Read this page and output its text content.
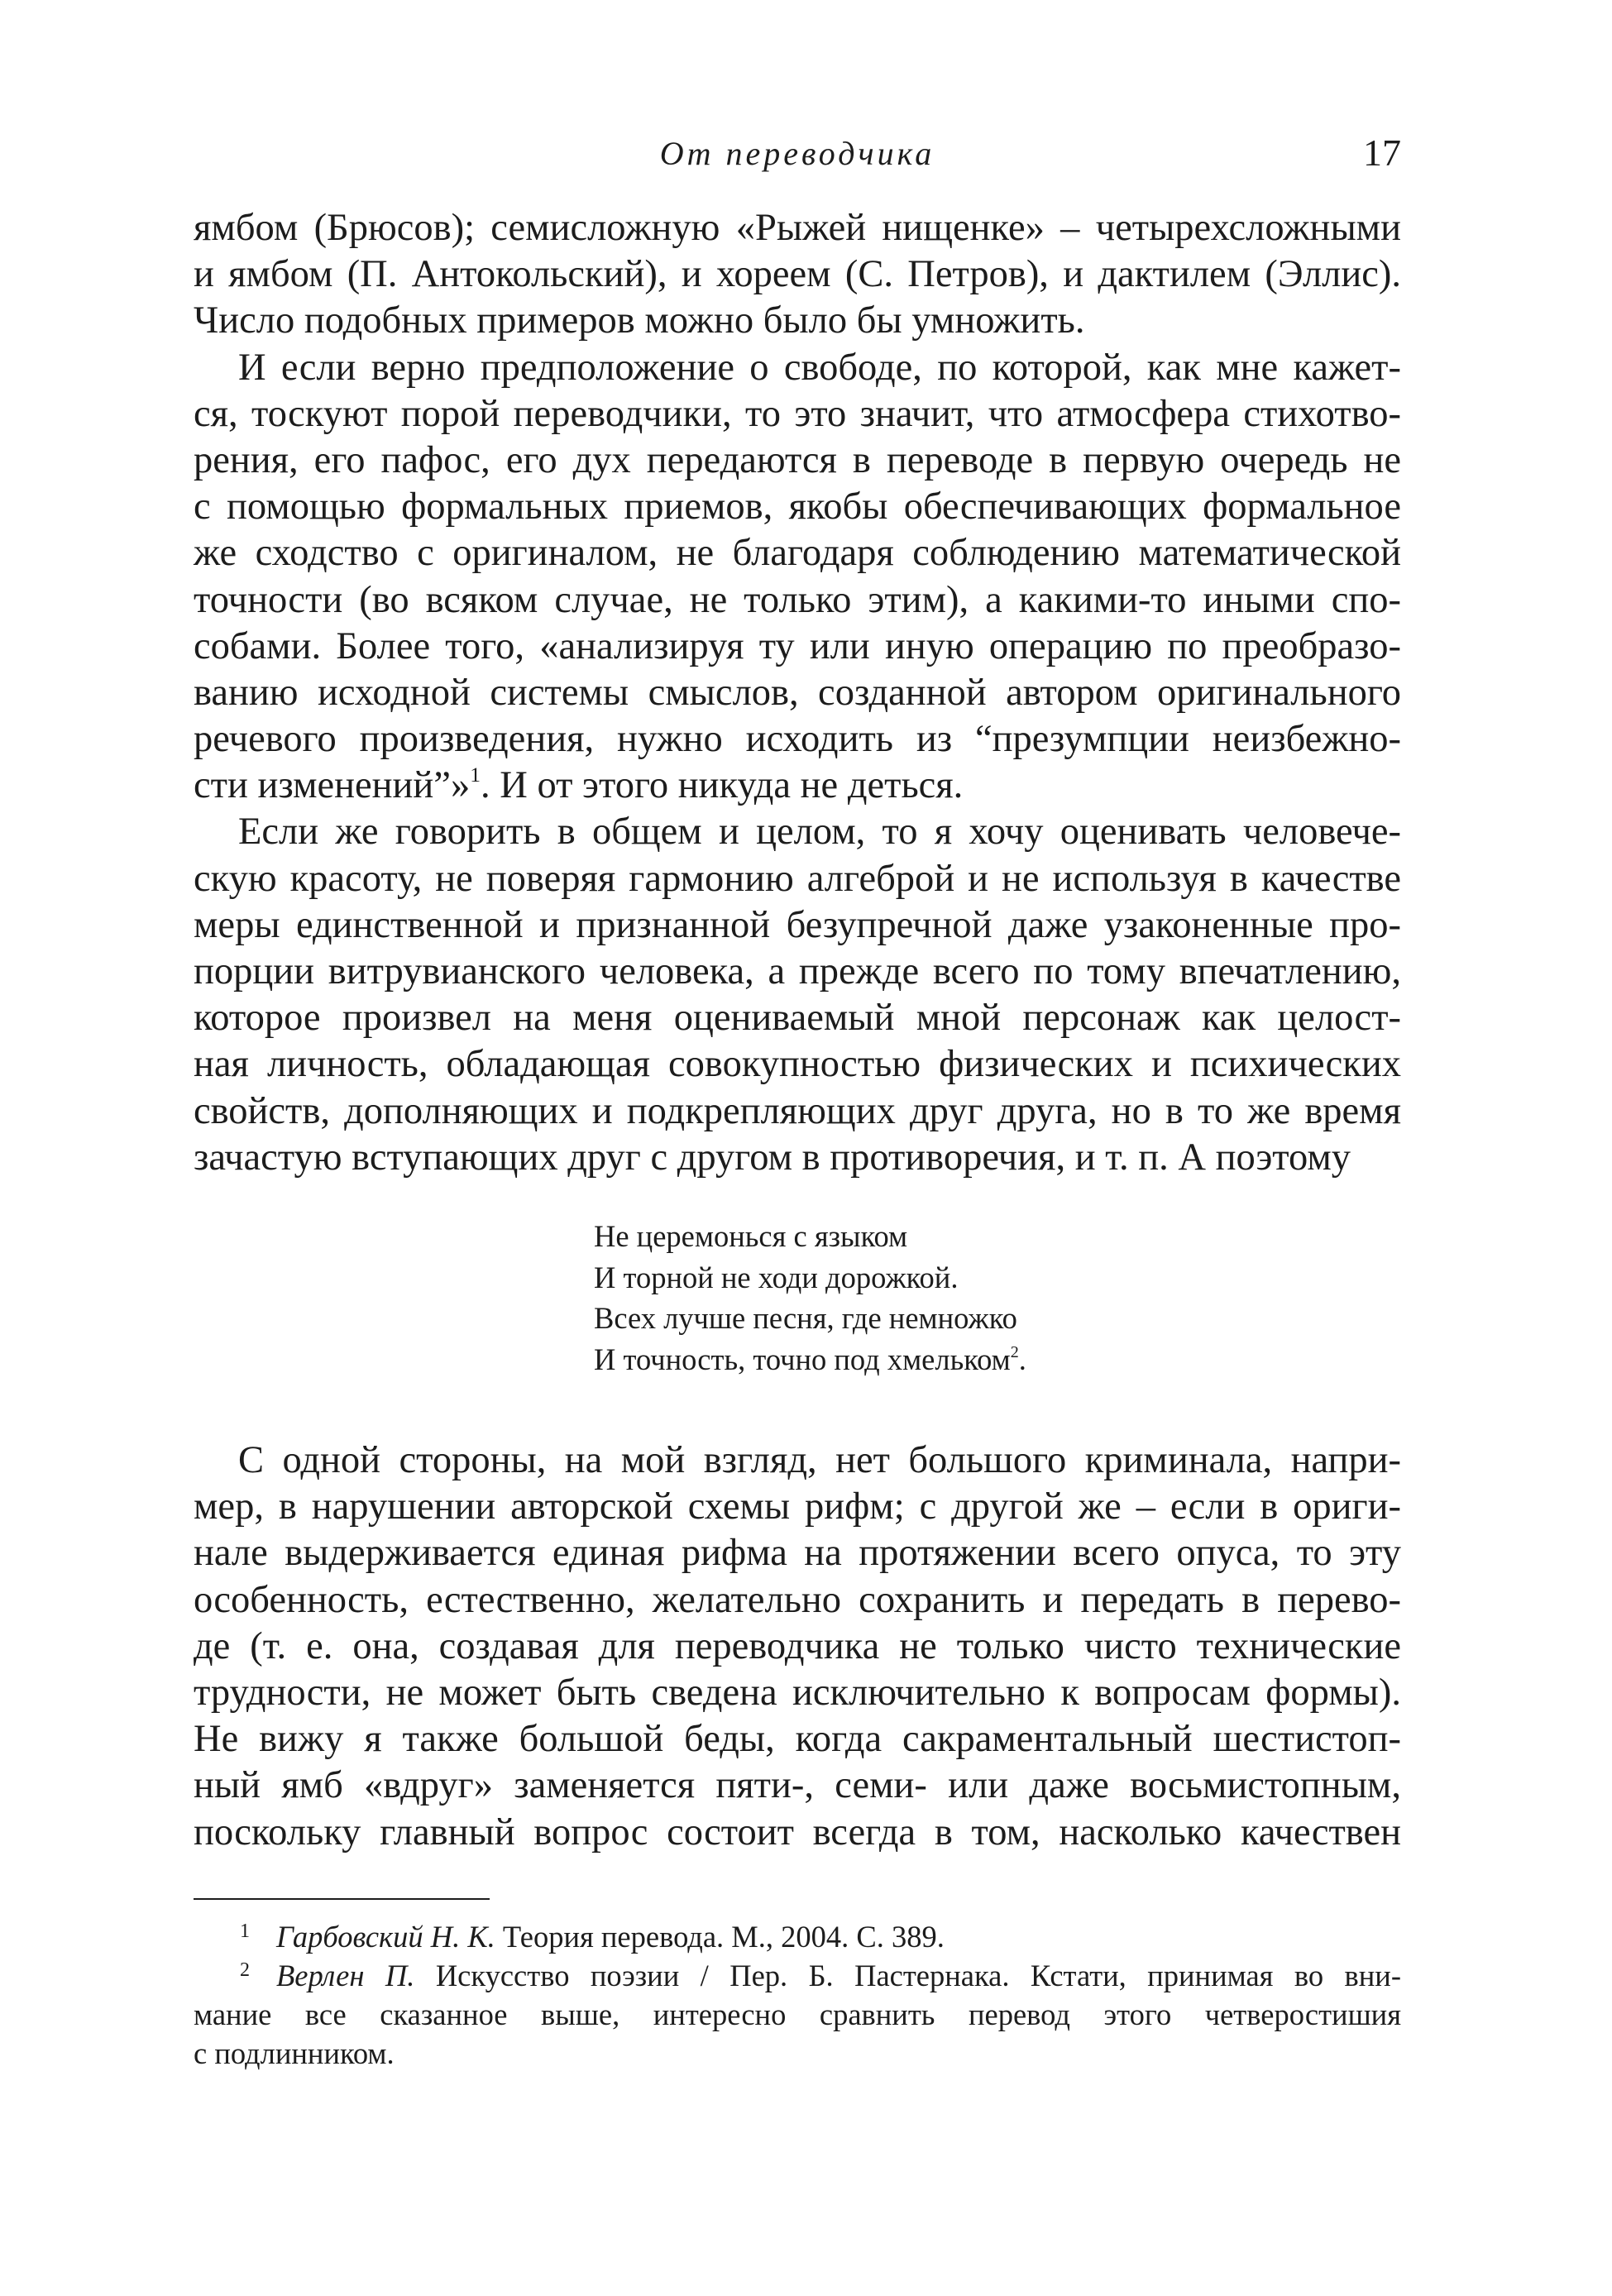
От переводчика	17
ямбом (Брюсов); семисложную «Рыжей нищенке» – четырехсложными
и ямбом (П. Антокольский), и хореем (С. Петров), и дактилем (Эллис).
Число подобных примеров можно было бы умножить.
И если верно предположение о свободе, по которой, как мне кажет-
ся, тоскуют порой переводчики, то это значит, что атмосфера стихотво-
рения, его пафос, его дух передаются в переводе в первую очередь не
с помощью формальных приемов, якобы обеспечивающих формальное
же сходство с оригиналом, не благодаря соблюдению математической
точности (во всяком случае, не только этим), а какими-то иными спо-
собами. Более того, «анализируя ту или иную операцию по преобразо-
ванию исходной системы смыслов, созданной автором оригинального
речевого произведения, нужно исходить из “презумпции неизбежно-
сти изменений”»$^1$. И от этого никуда не деться.
Если же говорить в общем и целом, то я хочу оценивать человече-
скую красоту, не поверяя гармонию алгеброй и не используя в качестве
меры единственной и признанной безупречной даже узаконенные про-
порции витрувианского человека, а прежде всего по тому впечатлению,
которое произвел на меня оцениваемый мной персонаж как целост-
ная личность, обладающая совокупностью физических и психических
свойств, дополняющих и подкрепляющих друг друга, но в то же время
зачастую вступающих друг с другом в противоречия, и т. п. А поэтому
Не церемонься с языком
И торной не ходи дорожкой.
Всех лучше песня, где немножко
И точность, точно под хмельком$^2$.
С одной стороны, на мой взгляд, нет большого криминала, напри-
мер, в нарушении авторской схемы рифм; с другой же – если в ориги-
нале выдерживается единая рифма на протяжении всего опуса, то эту
особенность, естественно, желательно сохранить и передать в перево-
де (т. е. она, создавая для переводчика не только чисто технические
трудности, не может быть сведена исключительно к вопросам формы).
Не вижу я также большой беды, когда сакраментальный шестистоп-
ный ямб «вдруг» заменяется пяти-, семи- или даже восьмистопным,
поскольку главный вопрос состоит всегда в том, насколько качествен
1 Гарбовский Н. К. Теория перевода. М., 2004. С. 389.
2 Верлен П. Искусство поэзии / Пер. Б. Пастернака. Кстати, принимая во вни-
мание все сказанное выше, интересно сравнить перевод этого четверостишия
с подлинником.
